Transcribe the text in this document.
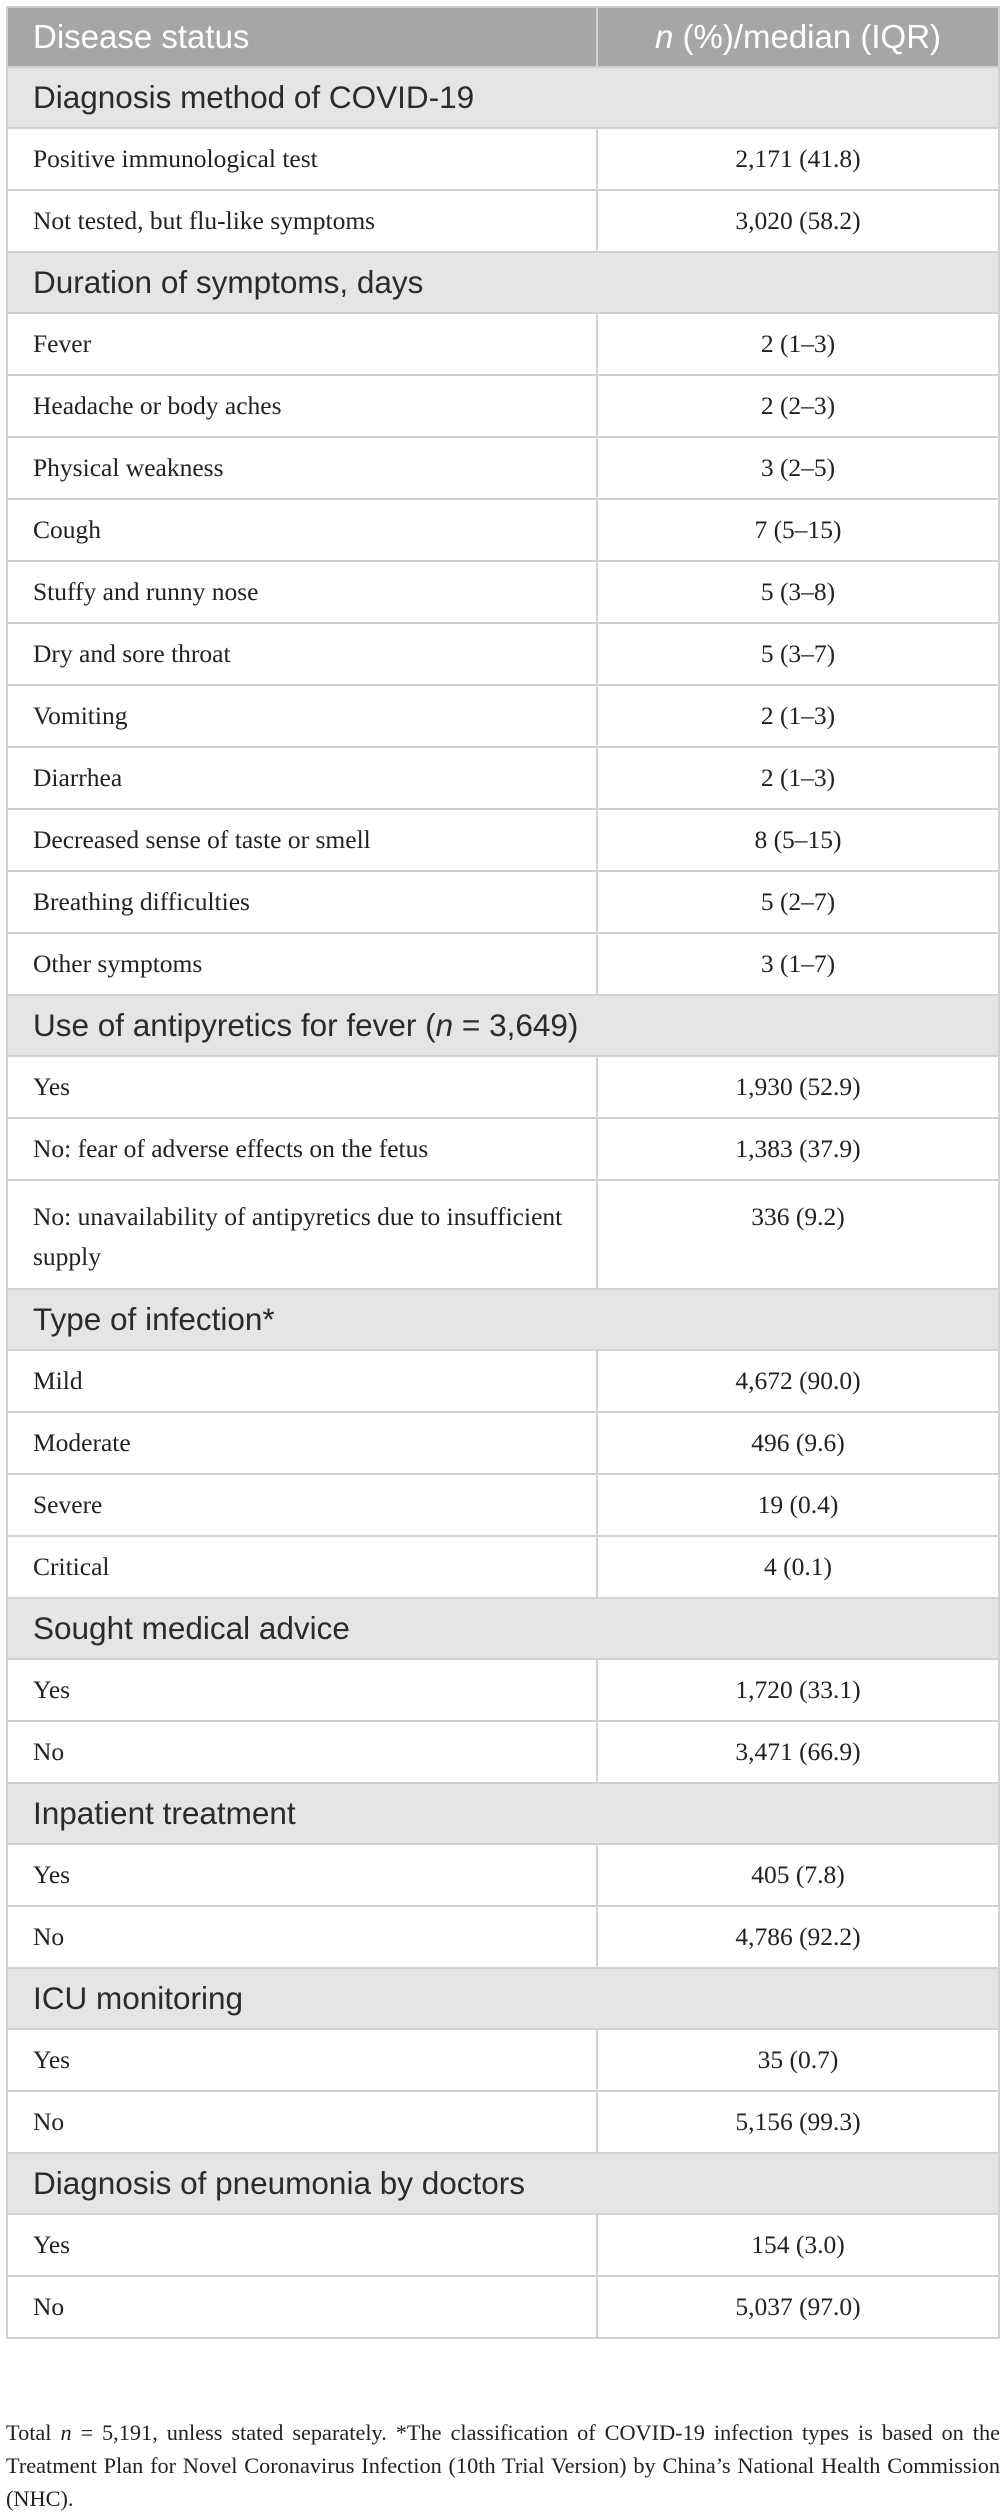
Disease status	n (%)/median (IQR)
Diagnosis method of COVID-19	
Positive immunological test	2,171 (41.8)
Not tested, but flu-like symptoms	3,020 (58.2)
Duration of symptoms, days	
Fever	2 (1–3)
Headache or body aches	2 (2–3)
Physical weakness	3 (2–5)
Cough	7 (5–15)
Stuffy and runny nose	5 (3–8)
Dry and sore throat	5 (3–7)
Vomiting	2 (1–3)
Diarrhea	2 (1–3)
Decreased sense of taste or smell	8 (5–15)
Breathing difficulties	5 (2–7)
Other symptoms	3 (1–7)
Use of antipyretics for fever (n = 3,649)	
Yes	1,930 (52.9)
No: fear of adverse effects on the fetus	1,383 (37.9)
No: unavailability of antipyretics due to insufficient supply	336 (9.2)
Type of infection*	
Mild	4,672 (90.0)
Moderate	496 (9.6)
Severe	19 (0.4)
Critical	4 (0.1)
Sought medical advice	
Yes	1,720 (33.1)
No	3,471 (66.9)
Inpatient treatment	
Yes	405 (7.8)
No	4,786 (92.2)
ICU monitoring	
Yes	35 (0.7)
No	5,156 (99.3)
Diagnosis of pneumonia by doctors	
Yes	154 (3.0)
No	5,037 (97.0)
Total n = 5,191, unless stated separately. *The classification of COVID-19 infection types is based on the Treatment Plan for Novel Coronavirus Infection (10th Trial Version) by China’s National Health Commission (NHC).
